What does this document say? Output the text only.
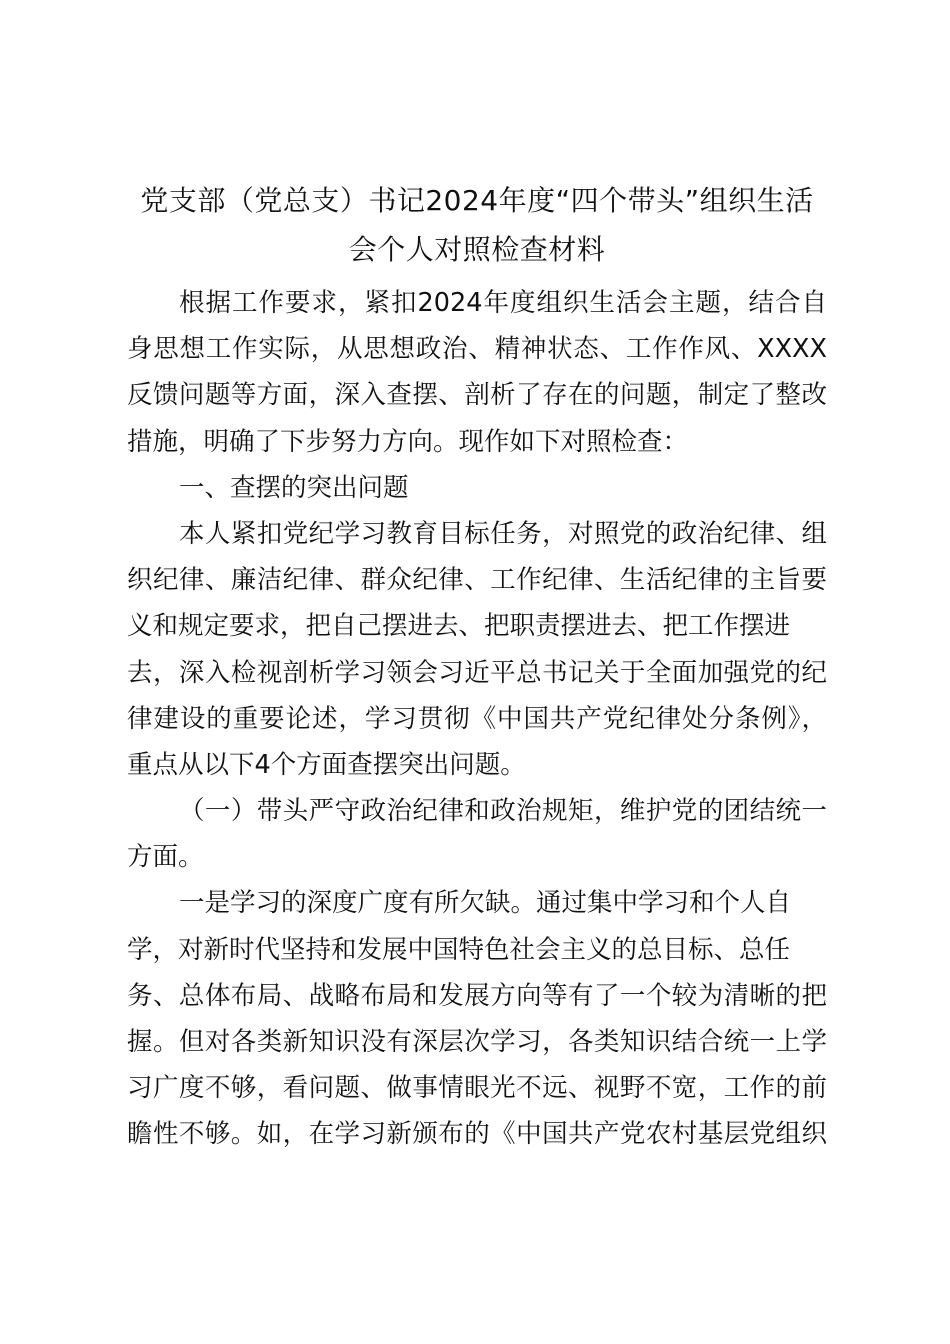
党支部（党总支）书记2024年度“四个带头”组织生活
会个人对照检查材料
根据工作要求，紧扣2024年度组织生活会主题，结合自
身思想工作实际，从思想政治、精神状态、工作作风、XXXX
反馈问题等方面，深入查摆、剖析了存在的问题，制定了整改
措施，明确了下步努力方向。现作如下对照检查：
一、查摆的突出问题
本人紧扣党纪学习教育目标任务，对照党的政治纪律、组
织纪律、廉洁纪律、群众纪律、工作纪律、生活纪律的主旨要
义和规定要求，把自己摆进去、把职责摆进去、把工作摆进
去，深入检视剖析学习领会习近平总书记关于全面加强党的纪
律建设的重要论述，学习贯彻《中国共产党纪律处分条例》，
重点从以下4个方面查摆突出问题。
（一）带头严守政治纪律和政治规矩，维护党的团结统一
方面。
一是学习的深度广度有所欠缺。通过集中学习和个人自
学，对新时代坚持和发展中国特色社会主义的总目标、总任
务、总体布局、战略布局和发展方向等有了一个较为清晰的把
握。但对各类新知识没有深层次学习，各类知识结合统一上学
习广度不够，看问题、做事情眼光不远、视野不宽，工作的前
瞻性不够。如，在学习新颁布的《中国共产党农村基层党组织
